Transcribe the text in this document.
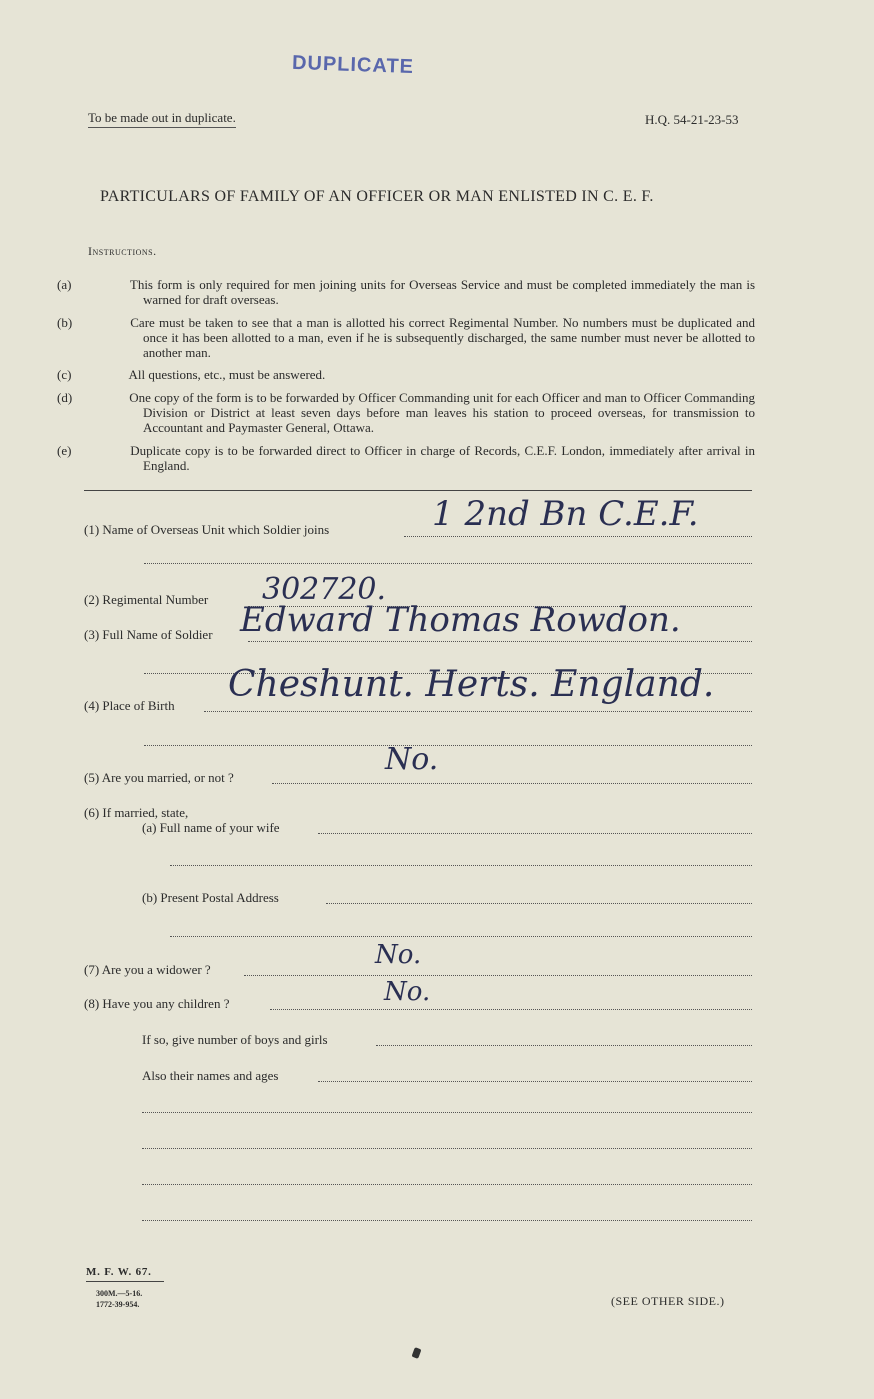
DUPLICATE
To be made out in duplicate.	H.Q. 54-21-23-53
PARTICULARS OF FAMILY OF AN OFFICER OR MAN ENLISTED IN C. E. F.
Instructions.
(a)	This form is only required for men joining units for Overseas Service and must be completed immediately the man is warned for draft overseas.
(b)	Care must be taken to see that a man is allotted his correct Regimental Number. No numbers must be duplicated and once it has been allotted to a man, even if he is subsequently discharged, the same number must never be allotted to another man.
(c)	All questions, etc., must be answered.
(d)	One copy of the form is to be forwarded by Officer Commanding unit for each Officer and man to Officer Commanding Division or District at least seven days before man leaves his station to proceed overseas, for transmission to Accountant and Paymaster General, Ottawa.
(e)	Duplicate copy is to be forwarded direct to Officer in charge of Records, C.E.F. London, immediately after arrival in England.
(1) Name of Overseas Unit which Soldier joins	1 2nd Bn C.E.F.
(2) Regimental Number 302720.
(3) Full Name of Soldier Edward Thomas Rowdon.
(4) Place of Birth
Cheshunt. Herts. England.
(5) Are you married, or not ?
No.
(6) If married, state,
(a) Full name of your wife
(b) Present Postal Address
(7) Are you a widower ?	No.
(8) Have you any children ?	No.
If so, give number of boys and girls
Also their names and ages
M. F. W. 67.
300M.—5-16.
1772-39-954.	(SEE OTHER SIDE.)
